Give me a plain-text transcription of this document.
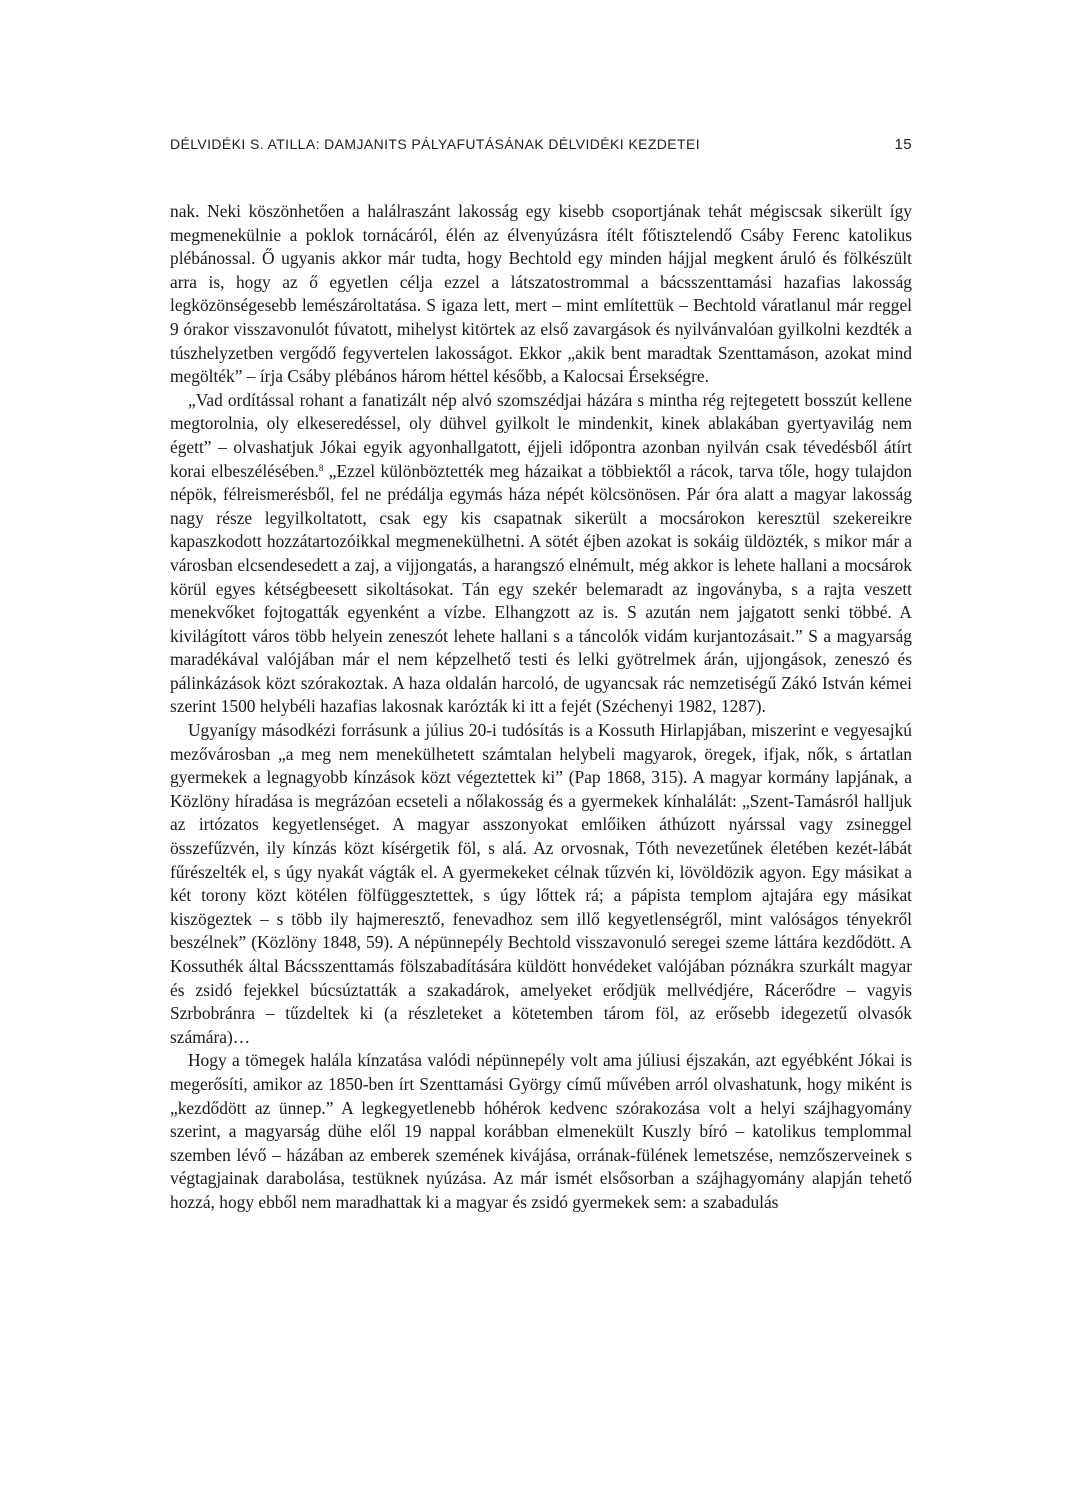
DÉLVIDÉKI S. ATILLA: DAMJANITS PÁLYAFUTÁSÁNAK DÉLVIDÉKI KEZDETEI	15

nak. Neki köszönhetően a halálraszánt lakosság egy kisebb csoportjának tehát mégiscsak sikerült így megmenekülnie a poklok tornácáról, élén az élvenyúzásra ítélt főtisztelendő Csáby Ferenc katolikus plébánossal. Ő ugyanis akkor már tudta, hogy Bechtold egy minden hájjal megkent áruló és fölkészült arra is, hogy az ő egyetlen célja ezzel a látszatostrommal a bácsszenttamási hazafias lakosság legközönségesebb lemészároltatása. S igaza lett, mert – mint említettük – Bechtold váratlanul már reggel 9 órakor visszavonulót fúvatott, mihelyst kitörtek az első zavargások és nyilvánvalóan gyilkolni kezdték a túszhelyzetben vergődő fegyvertelen lakosságot. Ekkor „akik bent maradtak Szenttamáson, azokat mind megölték” – írja Csáby plébános három héttel később, a Kalocsai Érsekségre.

„Vad ordítással rohant a fanatizált nép alvó szomszédjai házára s mintha rég rejtegetett bosszút kellene megtorolnia, oly elkeseredéssel, oly dühvel gyilkolt le mindenkit, kinek ablakában gyertyavilág nem égett” – olvashatjuk Jókai egyik agyonhallgatott, éjjeli időpontra azonban nyilván csak tévedésből átírt korai elbeszélésében.$^8$ „Ezzel különböztették meg házaikat a többiektől a rácok, tarva tőle, hogy tulajdon népök, félreismerésből, fel ne prédálja egymás háza népét kölcsönösen. Pár óra alatt a magyar lakosság nagy része legyilkoltatott, csak egy kis csapatnak sikerült a mocsárokon keresztül szekereikre kapaszkodott hozzátartozóikkal megmenekülhetni. A sötét éjben azokat is sokáig üldözték, s mikor már a városban elcsendesedett a zaj, a vijjongatás, a harangszó elnémult, még akkor is lehete hallani a mocsárok körül egyes kétségbeesett sikoltásokat. Tán egy szekér belemaradt az ingoványba, s a rajta veszett menekvőket fojtogatták egyenként a vízbe. Elhangzott az is. S azután nem jajgatott senki többé. A kivilágított város több helyein zeneszót lehete hallani s a táncolók vidám kurjantozásait.” S a magyarság maradékával valójában már el nem képzelhető testi és lelki gyötrelmek árán, ujjongások, zeneszó és pálinkázások közt szórakoztak. A haza oldalán harcoló, de ugyancsak rác nemzetiségű Zákó István kémei szerint 1500 helybéli hazafias lakosnak karózták ki itt a fejét (Széchenyi 1982, 1287).

Ugyanígy másodkézi forrásunk a július 20-i tudósítás is a Kossuth Hirlapjában, miszerint e vegyesajkú mezővárosban „a meg nem menekülhetett számtalan helybeli magyarok, öregek, ifjak, nők, s ártatlan gyermekek a legnagyobb kínzások közt végeztettek ki” (Pap 1868, 315). A magyar kormány lapjának, a Közlöny híradása is megrázóan ecseteli a nőlakosság és a gyermekek kínhalálát: „Szent-Tamásról halljuk az irtózatos kegyetlenséget. A magyar asszonyokat emlőiken áthúzott nyárssal vagy zsineggel összefűzvén, ily kínzás közt kísérgetik föl, s alá. Az orvosnak, Tóth nevezetűnek életében kezét-lábát fűrészelték el, s úgy nyakát vágták el. A gyermekeket célnak tűzvén ki, lövöldözik agyon. Egy másikat a két torony közt kötélen fölfüggesztettek, s úgy lőttek rá; a pápista templom ajtajára egy másikat kiszögeztek – s több ily hajmeresztő, fenevadhoz sem illő kegyetlenségről, mint valóságos tényekről beszélnek” (Közlöny 1848, 59). A népünnepély Bechtold visszavonuló seregei szeme láttára kezdődött. A Kossuthék által Bácsszenttamás fölszabadítására küldött honvédeket valójában póznákra szurkált magyar és zsidó fejekkel búcsúztatták a szakadárok, amelyeket erődjük mellvédjére, Rácerődre – vagyis Szrbobránra – tűzdeltek ki (a részleteket a kötetemben tárom föl, az erősebb idegezetű olvasók számára)…

Hogy a tömegek halála kínzatása valódi népünnepély volt ama júliusi éjszakán, azt egyébként Jókai is megerősíti, amikor az 1850-ben írt Szenttamási György című művében arról olvashatunk, hogy miként is „kezdődött az ünnep.” A legkegyetlenebb hóhérok kedvenc szórakozása volt a helyi szájhagyomány szerint, a magyarság dühe elől 19 nappal korábban elmenekült Kuszly bíró – katolikus templommal szemben lévő – házában az emberek szemének kivájása, orrának-fülének lemetszése, nemzőszerveinek s végtagjainak darabolása, testüknek nyúzása. Az már ismét elsősorban a szájhagyomány alapján tehető hozzá, hogy ebből nem maradhattak ki a magyar és zsidó gyermekek sem: a szabadulás
